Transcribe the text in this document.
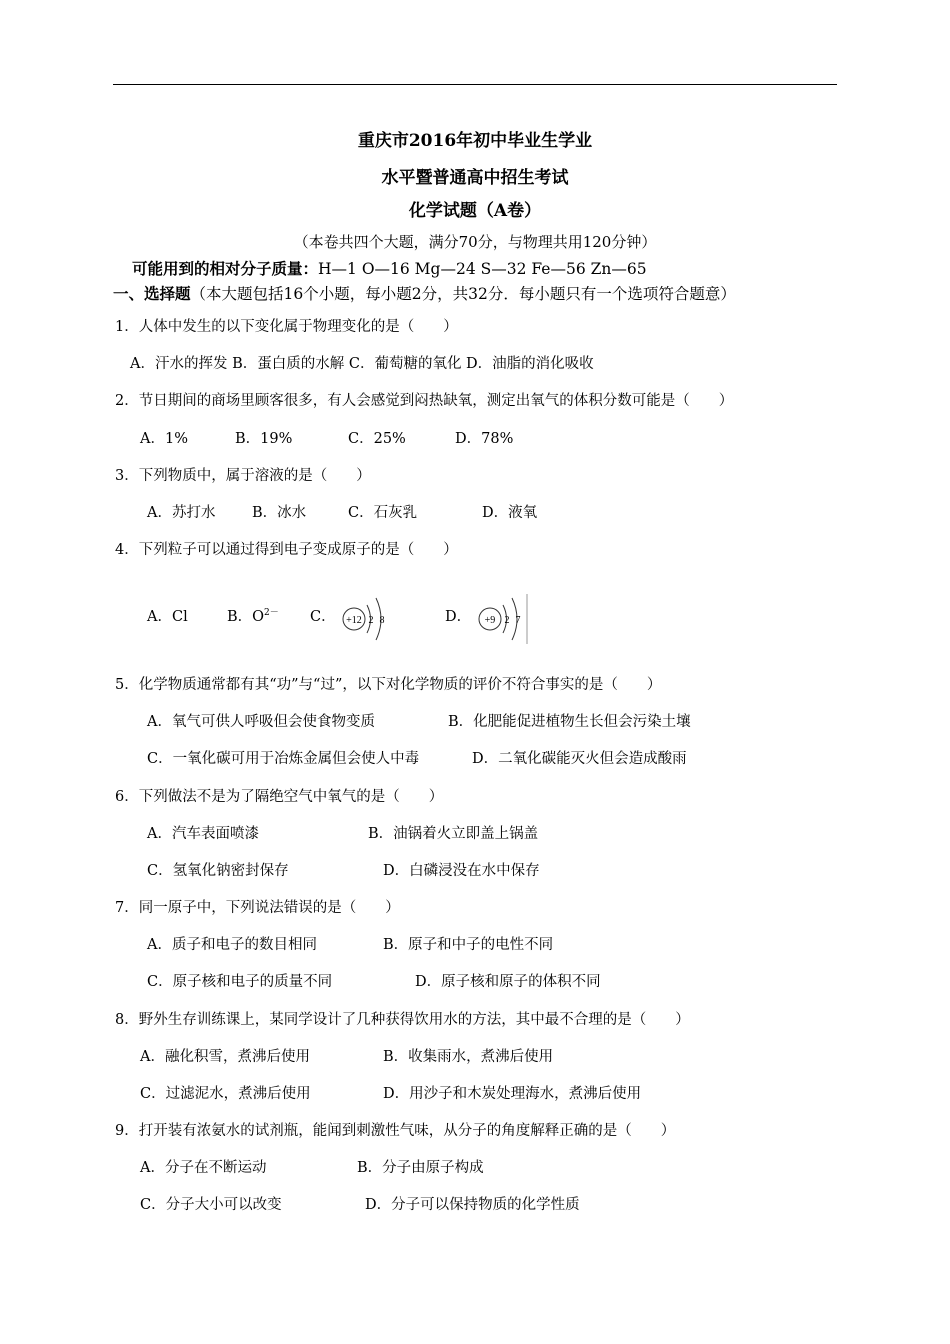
重庆市2016年初中毕业生学业
水平暨普通高中招生考试
化学试题（A卷）
（本卷共四个大题，满分70分，与物理共用120分钟）
可能用到的相对分子质量：H—1 O—16 Mg—24 S—32 Fe—56 Zn—65
一、选择题（本大题包括16个小题，每小题2分，共32分．每小题只有一个选项符合题意）
1．人体中发生的以下变化属于物理变化的是（　　）
A．汗水的挥发 B．蛋白质的水解 C．葡萄糖的氧化 D．油脂的消化吸收
2．节日期间的商场里顾客很多，有人会感觉到闷热缺氧，测定出氧气的体积分数可能是（　　）
A．1%	B．19%	C．25%	D．78%
3．下列物质中，属于溶液的是（　　）
A．苏打水	B．冰水	C．石灰乳	D．液氧
4．下列粒子可以通过得到电子变成原子的是（　　）
A．Cl	B．$O^{2-}$ C．	D．
+12 2 8	+9 2 7
5．化学物质通常都有其“功”与“过”，以下对化学物质的评价不符合事实的是（　　）
A．氧气可供人呼吸但会使食物变质	B．化肥能促进植物生长但会污染土壤
C．一氧化碳可用于冶炼金属但会使人中毒	D．二氧化碳能灭火但会造成酸雨
6．下列做法不是为了隔绝空气中氧气的是（　　）
A．汽车表面喷漆	B．油锅着火立即盖上锅盖
C．氢氧化钠密封保存	D．白磷浸没在水中保存
7．同一原子中，下列说法错误的是（　　）
A．质子和电子的数目相同	B．原子和中子的电性不同
C．原子核和电子的质量不同	D．原子核和原子的体积不同
8．野外生存训练课上，某同学设计了几种获得饮用水的方法，其中最不合理的是（　　）
A．融化积雪，煮沸后使用	B．收集雨水，煮沸后使用
C．过滤泥水，煮沸后使用	D．用沙子和木炭处理海水，煮沸后使用
9．打开装有浓氨水的试剂瓶，能闻到刺激性气味，从分子的角度解释正确的是（　　）
A．分子在不断运动	B．分子由原子构成
C．分子大小可以改变	D．分子可以保持物质的化学性质
